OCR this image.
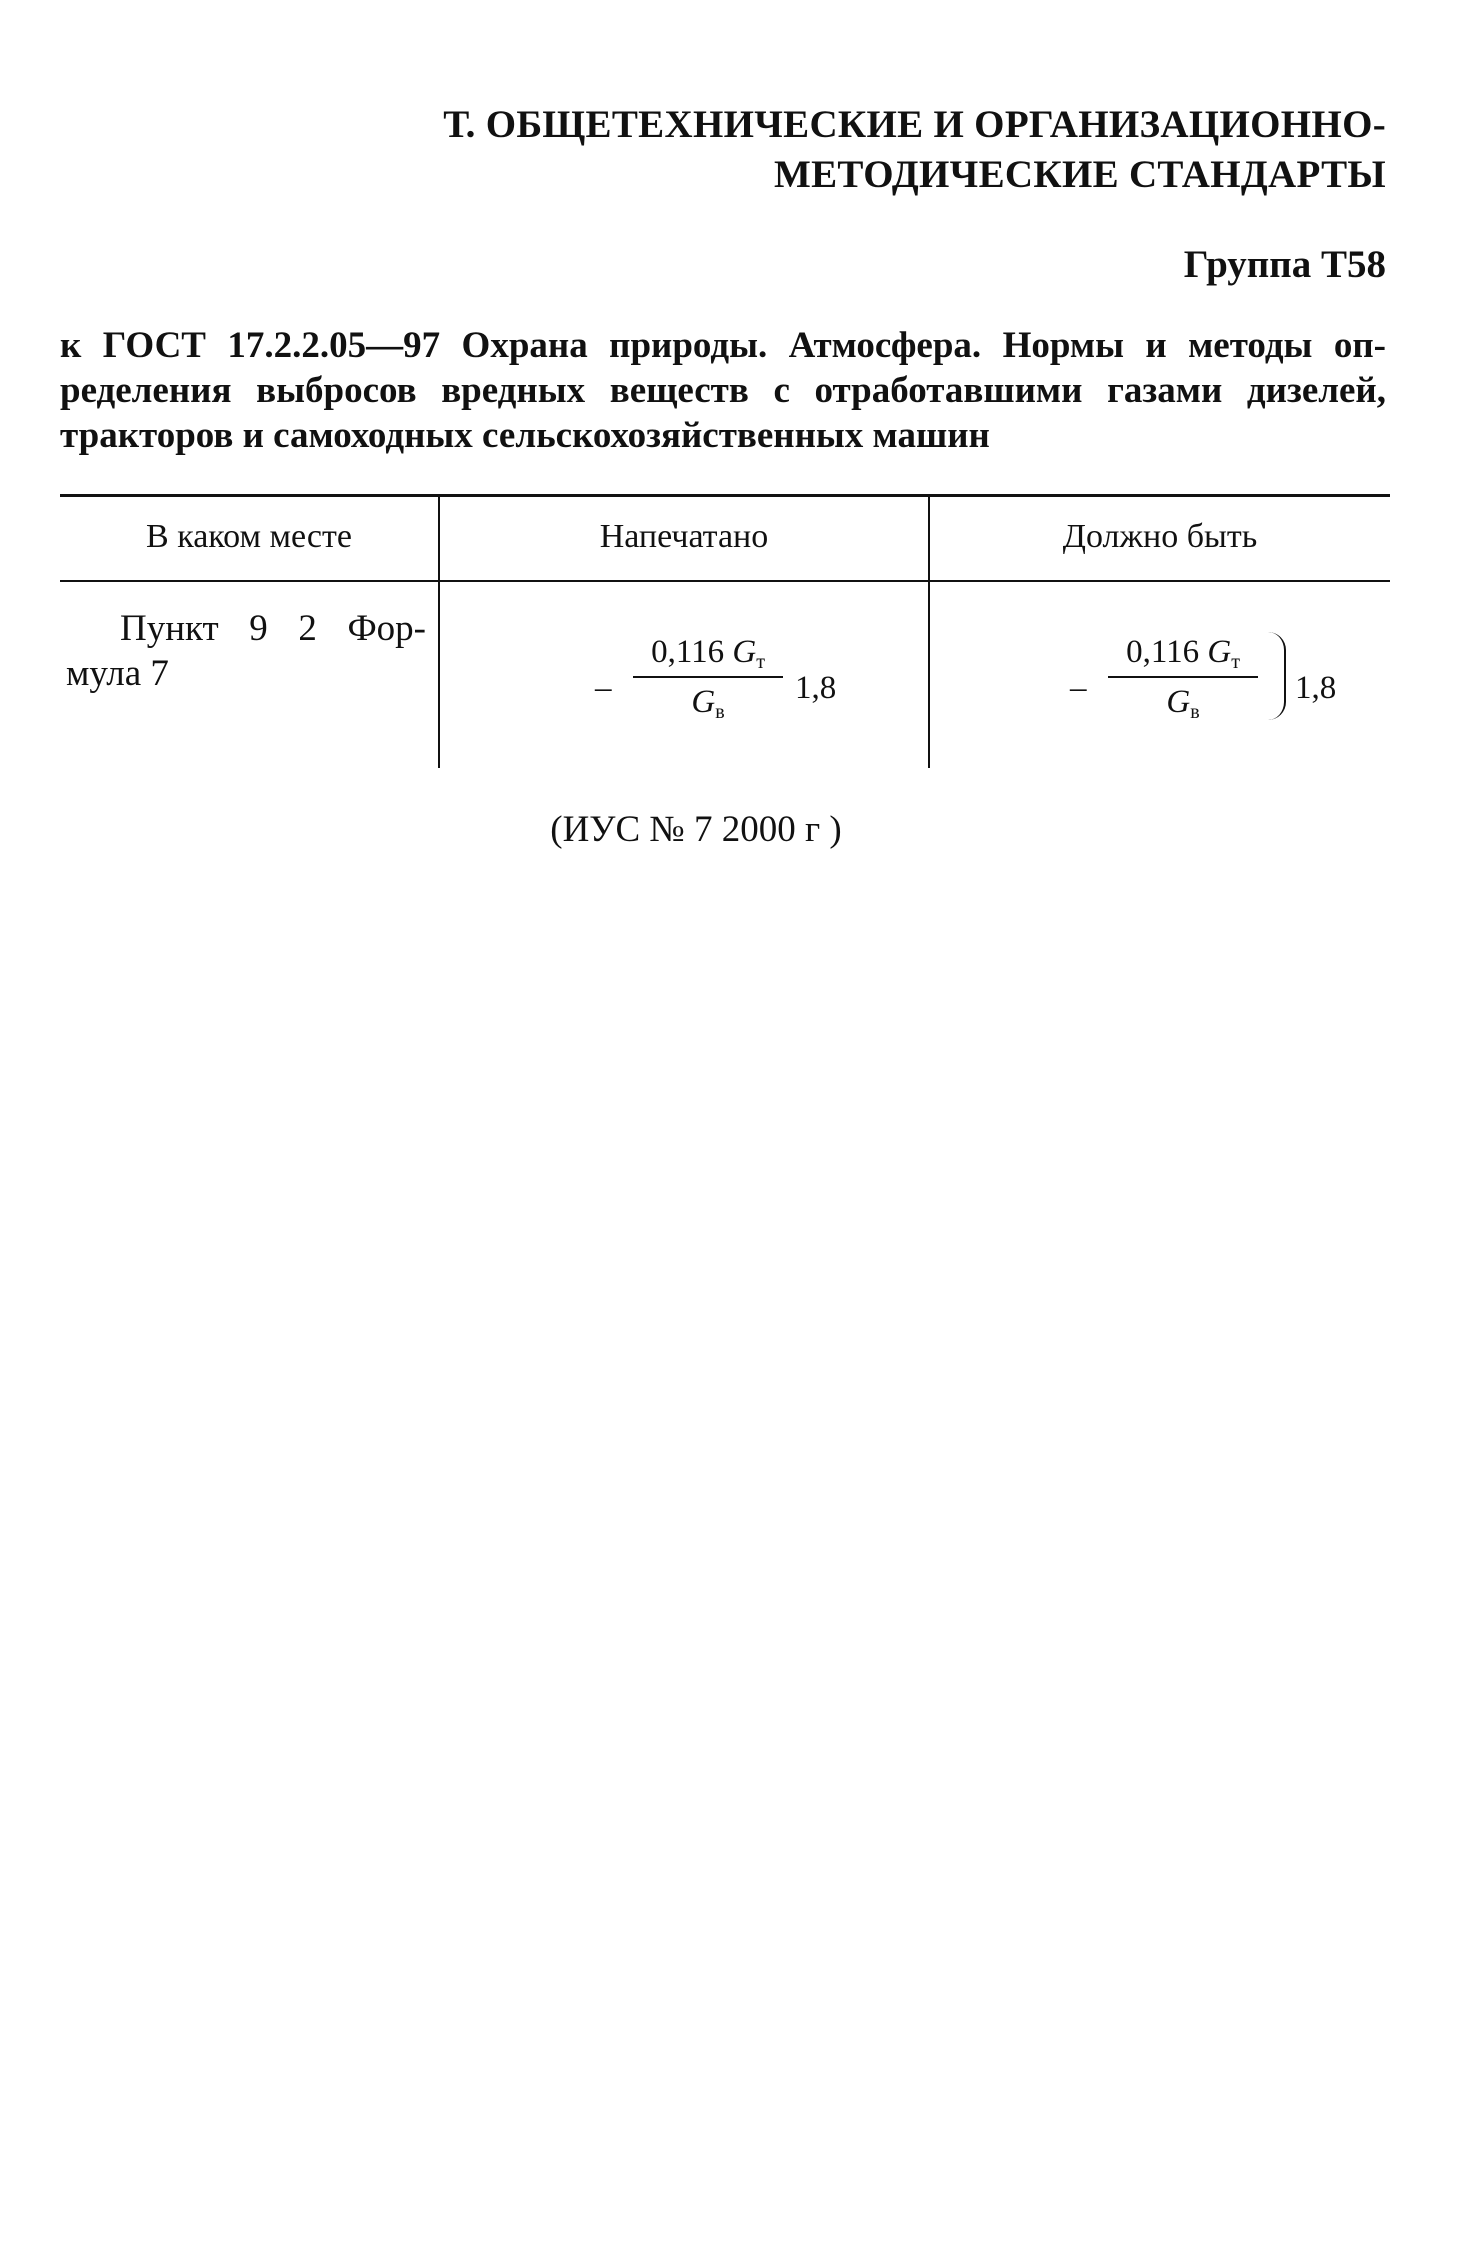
Т. ОБЩЕТЕХНИЧЕСКИЕ И ОРГАНИЗАЦИОННО-
МЕТОДИЧЕСКИЕ СТАНДАРТЫ
Группа Т58
к ГОСТ 17.2.2.05—97 Охрана природы. Атмосфера. Нормы и методы оп-
ределения выбросов вредных веществ с отработавшими газами дизелей,
тракторов и самоходных сельскохозяйственных машин
В каком месте	Напечатано	Должно быть
Пункт 9 2 Фор-
мула 7	–
0,116 $G_т$
$G_в$
1,8	–
0,116 $G_т$
$G_в$
1,8
(ИУС № 7 2000 г )
